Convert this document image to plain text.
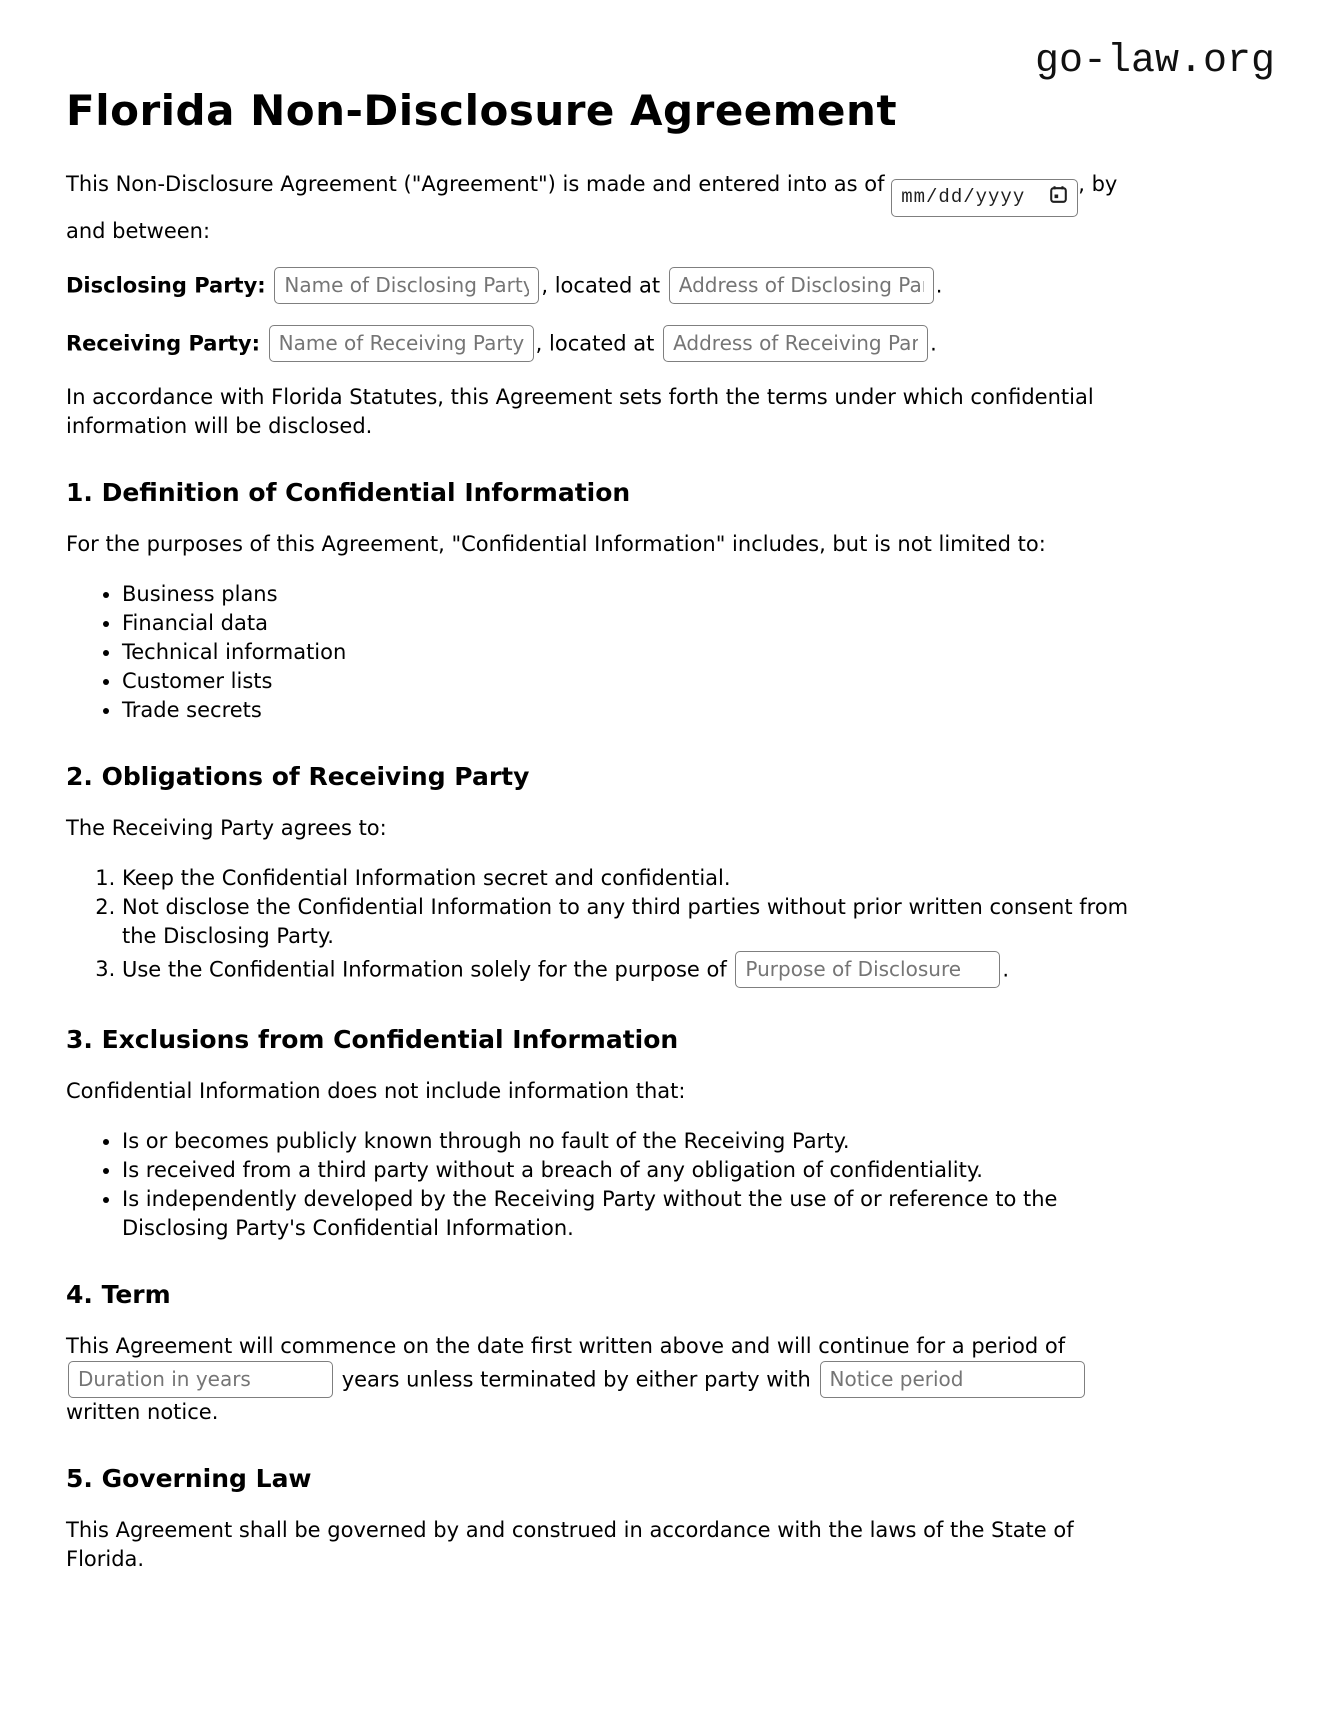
go-law.org
Florida Non-Disclosure Agreement

This Non-Disclosure Agreement ("Agreement") is made and entered into as of
mm/dd/yyyy
, by and between:

Disclosing Party: Name of Disclosing Party	, located at Address of Disclosing Party	.

Receiving Party: Name of Receiving Party	, located at Address of Receiving Party	.

In accordance with Florida Statutes, this Agreement sets forth the terms under which confidential information will be disclosed.

1. Definition of Confidential Information

For the purposes of this Agreement, "Confidential Information" includes, but is not limited to:

• Business plans
• Financial data
• Technical information
• Customer lists
• Trade secrets
2. Obligations of Receiving Party

The Receiving Party agrees to:

1. Keep the Confidential Information secret and confidential.
2. Not disclose the Confidential Information to any third parties without prior written consent from the Disclosing Party.
3. Use the Confidential Information solely for the purpose of Purpose of Disclosure	.
3. Exclusions from Confidential Information

Confidential Information does not include information that:

• Is or becomes publicly known through no fault of the Receiving Party.
• Is received from a third party without a breach of any obligation of confidentiality.
• Is independently developed by the Receiving Party without the use of or reference to the Disclosing Party's Confidential Information.
4. Term

This Agreement will commence on the date first written above and will continue for a period of Duration in years years unless terminated by either party with Notice period written notice.

5. Governing Law

This Agreement shall be governed by and construed in accordance with the laws of the State of Florida.
